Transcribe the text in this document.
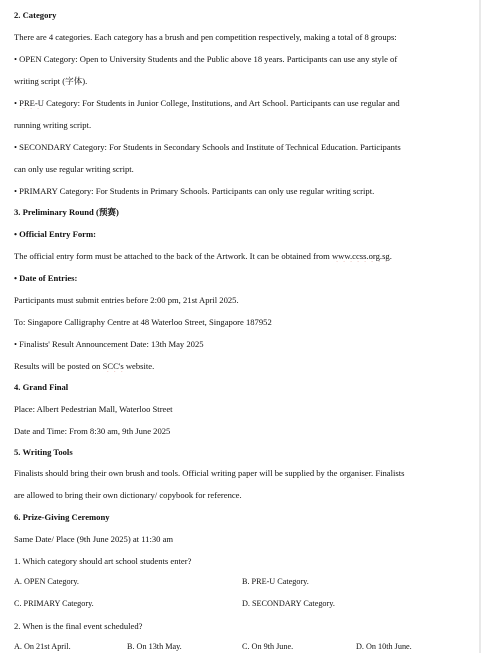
2. Category
There are 4 categories. Each category has a brush and pen competition respectively, making a total of 8 groups:
• OPEN Category: Open to University Students and the Public above 18 years. Participants can use any style of
writing script (字体).
• PRE-U Category: For Students in Junior College, Institutions, and Art School. Participants can use regular and
running writing script.
• SECONDARY Category: For Students in Secondary Schools and Institute of Technical Education. Participants
can only use regular writing script.
• PRIMARY Category: For Students in Primary Schools. Participants can only use regular writing script.
3. Preliminary Round (预赛)
• Official Entry Form:
The official entry form must be attached to the back of the Artwork. It can be obtained from www.ccss.org.sg.
• Date of Entries:
Participants must submit entries before 2:00 pm, 21st April 2025.
To: Singapore Calligraphy Centre at 48 Waterloo Street, Singapore 187952
• Finalists' Result Announcement Date: 13th May 2025
Results will be posted on SCC's website.
4. Grand Final
Place: Albert Pedestrian Mall, Waterloo Street
Date and Time: From 8:30 am, 9th June 2025
5. Writing Tools
Finalists should bring their own brush and tools. Official writing paper will be supplied by the organiser. Finalists
are allowed to bring their own dictionary/ copybook for reference.
6. Prize-Giving Ceremony
Same Date/ Place (9th June 2025) at 11:30 am
1. Which category should art school students enter?
A. OPEN Category.	B. PRE-U Category.
C. PRIMARY Category.	D. SECONDARY Category.
2. When is the final event scheduled?
A. On 21st April.	B. On 13th May.	C. On 9th June.	D. On 10th June.
